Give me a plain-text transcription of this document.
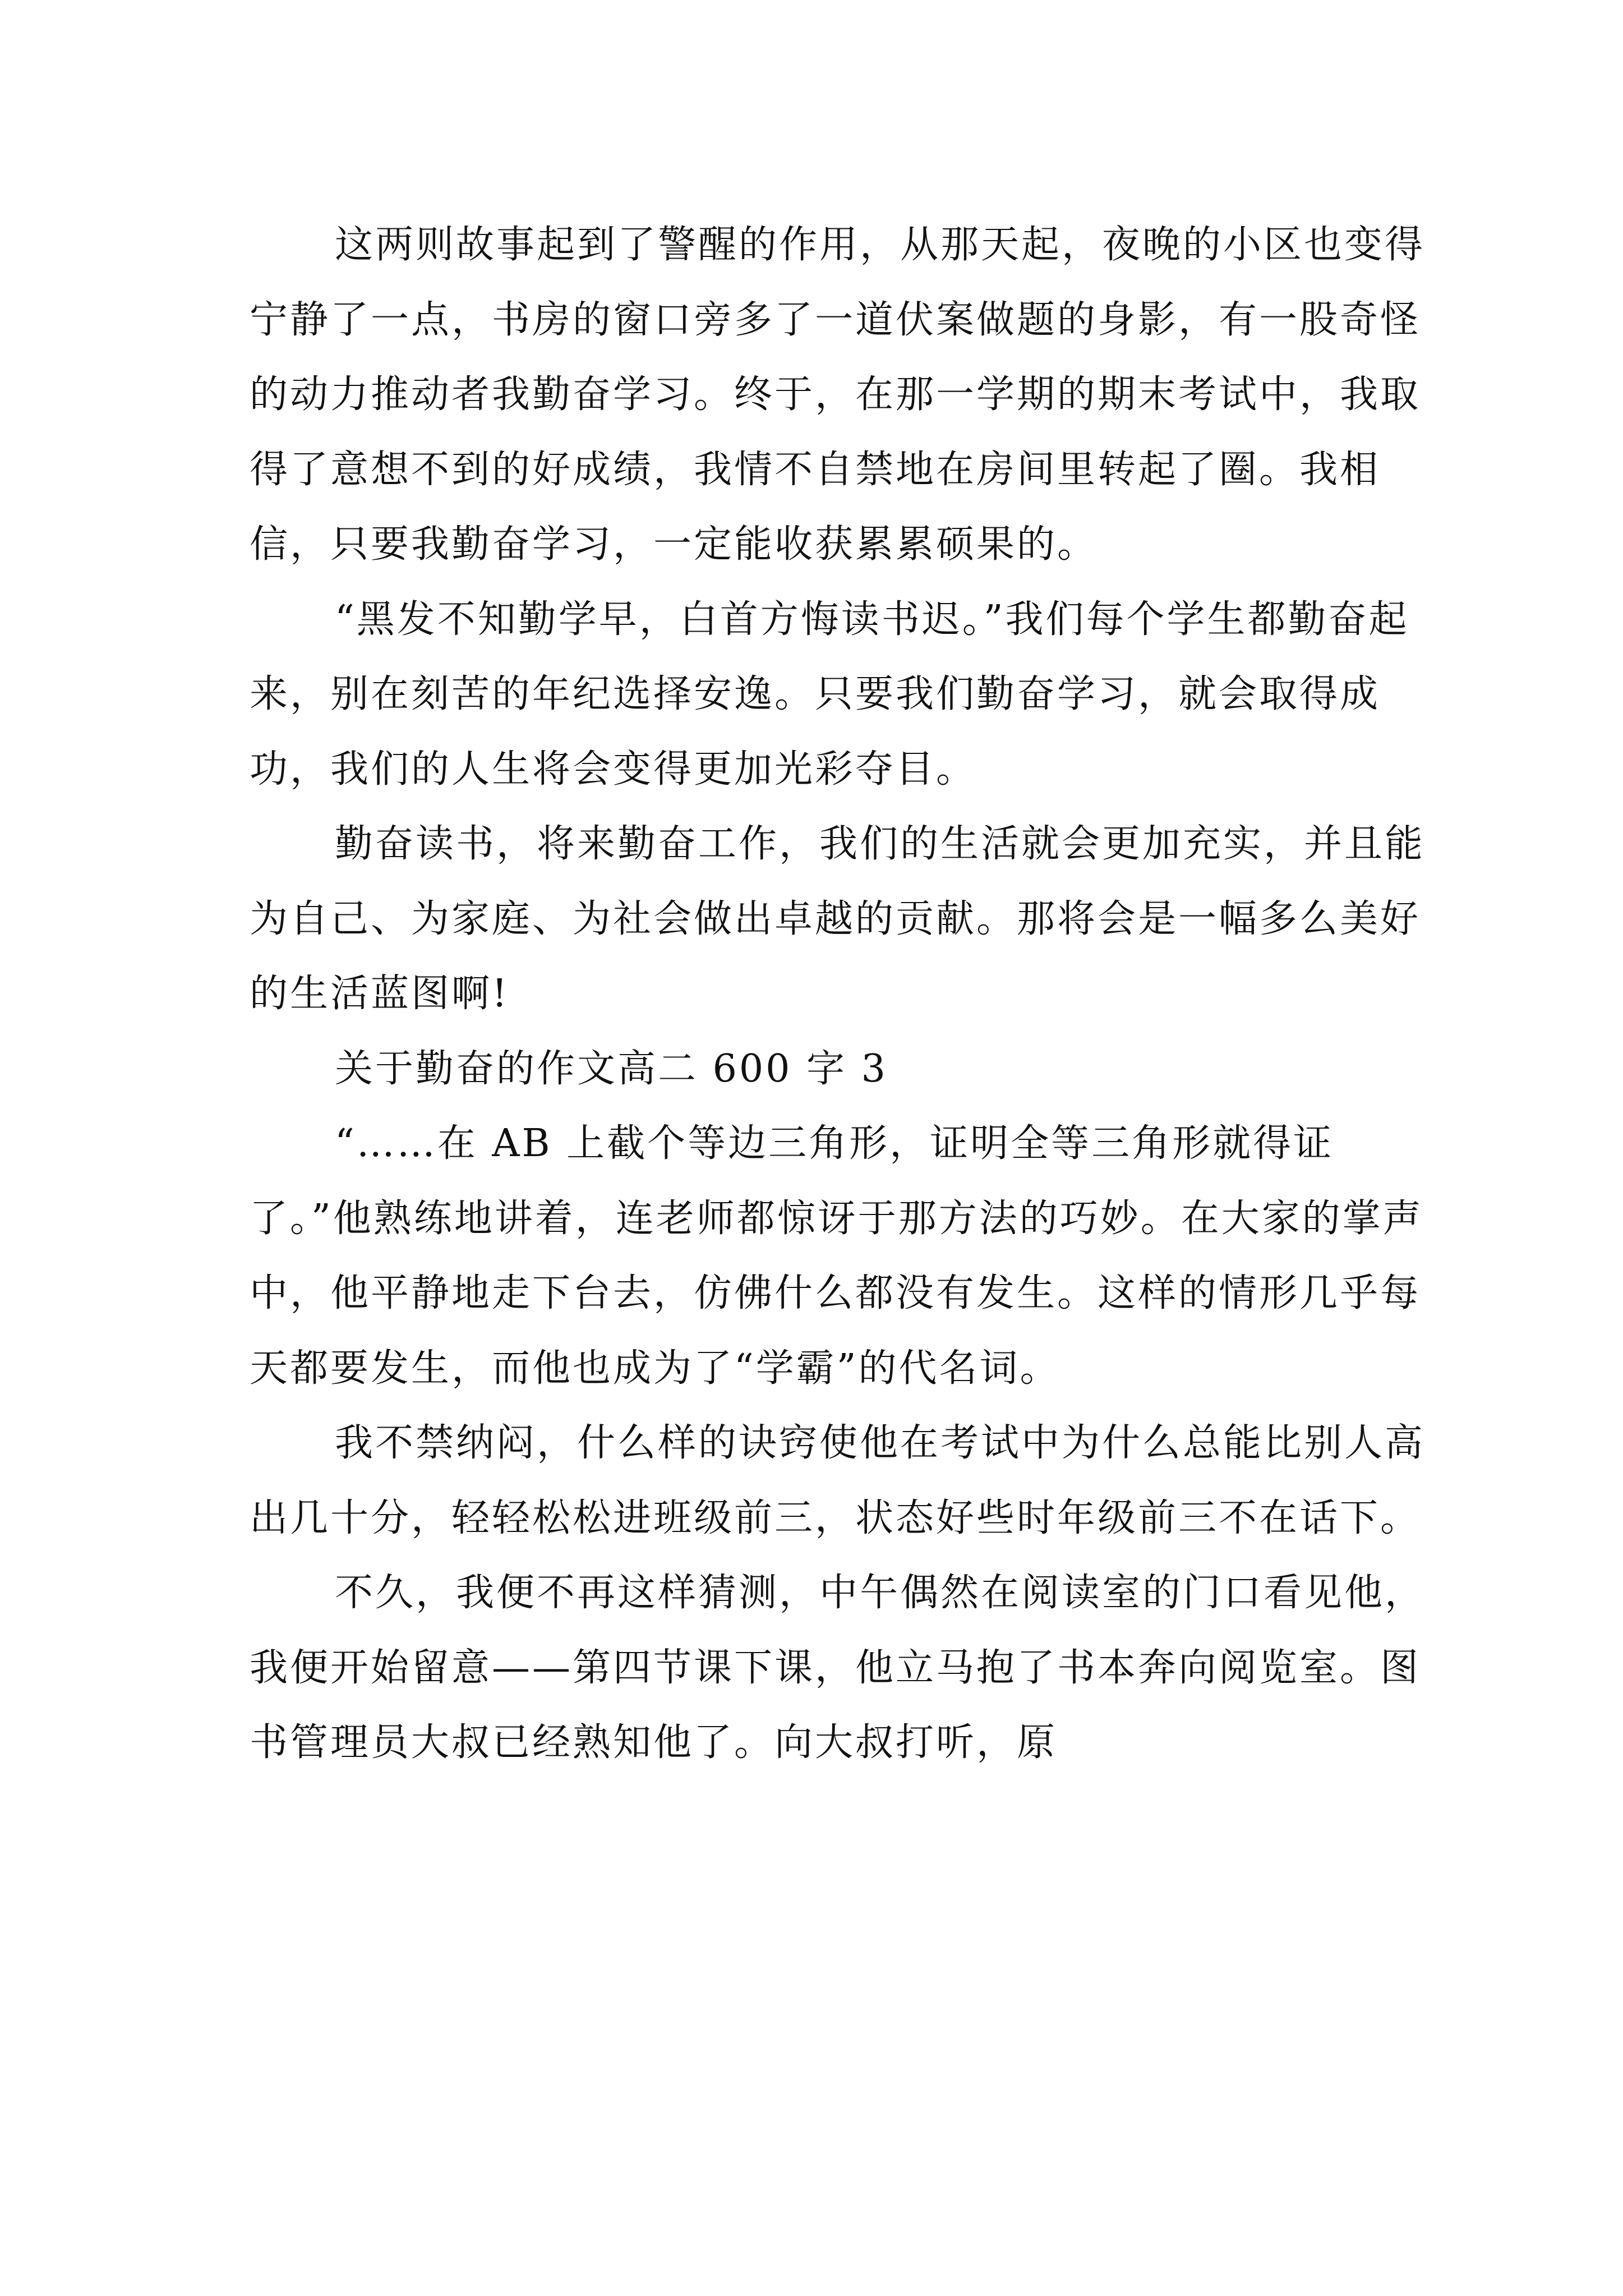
这两则故事起到了警醒的作用，从那天起，夜晚的小区也变得宁静了一点，书房的窗口旁多了一道伏案做题的身影，有一股奇怪的动力推动者我勤奋学习。终于，在那一学期的期末考试中，我取得了意想不到的好成绩，我情不自禁地在房间里转起了圈。我相信，只要我勤奋学习，一定能收获累累硕果的。

“黑发不知勤学早，白首方悔读书迟。”我们每个学生都勤奋起来，别在刻苦的年纪选择安逸。只要我们勤奋学习，就会取得成功，我们的人生将会变得更加光彩夺目。

勤奋读书，将来勤奋工作，我们的生活就会更加充实，并且能为自己、为家庭、为社会做出卓越的贡献。那将会是一幅多么美好的生活蓝图啊!

关于勤奋的作文高二 600 字 3

“……在 AB 上截个等边三角形，证明全等三角形就得证了。”他熟练地讲着，连老师都惊讶于那方法的巧妙。在大家的掌声中，他平静地走下台去，仿佛什么都没有发生。这样的情形几乎每天都要发生，而他也成为了“学霸”的代名词。

我不禁纳闷，什么样的诀窍使他在考试中为什么总能比别人高出几十分，轻轻松松进班级前三，状态好些时年级前三不在话下。

不久，我便不再这样猜测，中午偶然在阅读室的门口看见他，我便开始留意——第四节课下课，他立马抱了书本奔向阅览室。图书管理员大叔已经熟知他了。向大叔打听，原
